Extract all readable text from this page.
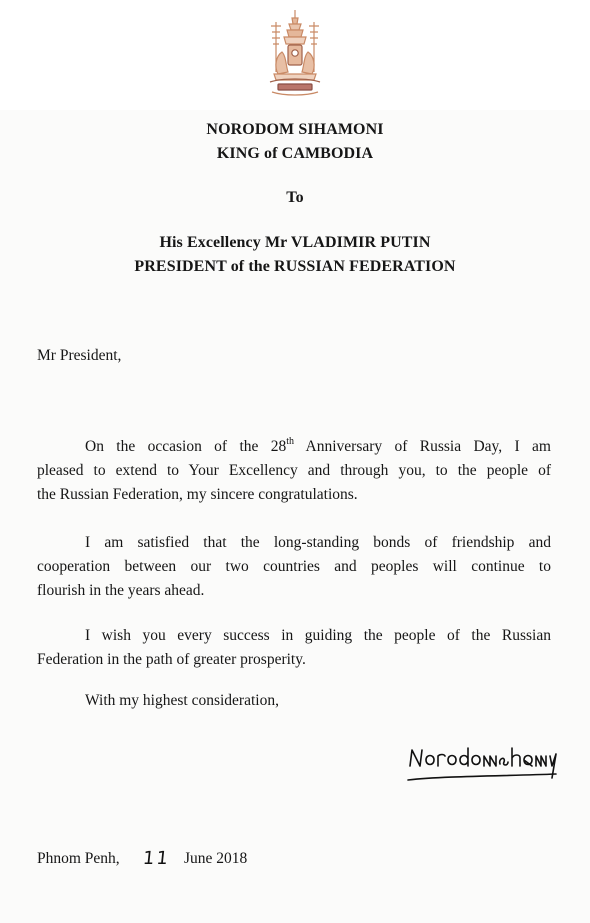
NORODOM SIHAMONI
KING of CAMBODIA
To
His Excellency Mr VLADIMIR PUTIN
PRESIDENT of the RUSSIAN FEDERATION
Mr President,

On the occasion of the 28th Anniversary of Russia Day, I am

pleased to extend to Your Excellency and through you, to the people of

the Russian Federation, my sincere congratulations.

I am satisfied that the long-standing bonds of friendship and

cooperation between our two countries and peoples will continue to

flourish in the years ahead.

I wish you every success in guiding the people of the Russian

Federation in the path of greater prosperity.

With my highest consideration,
Phnom Penh, 11 June 2018
